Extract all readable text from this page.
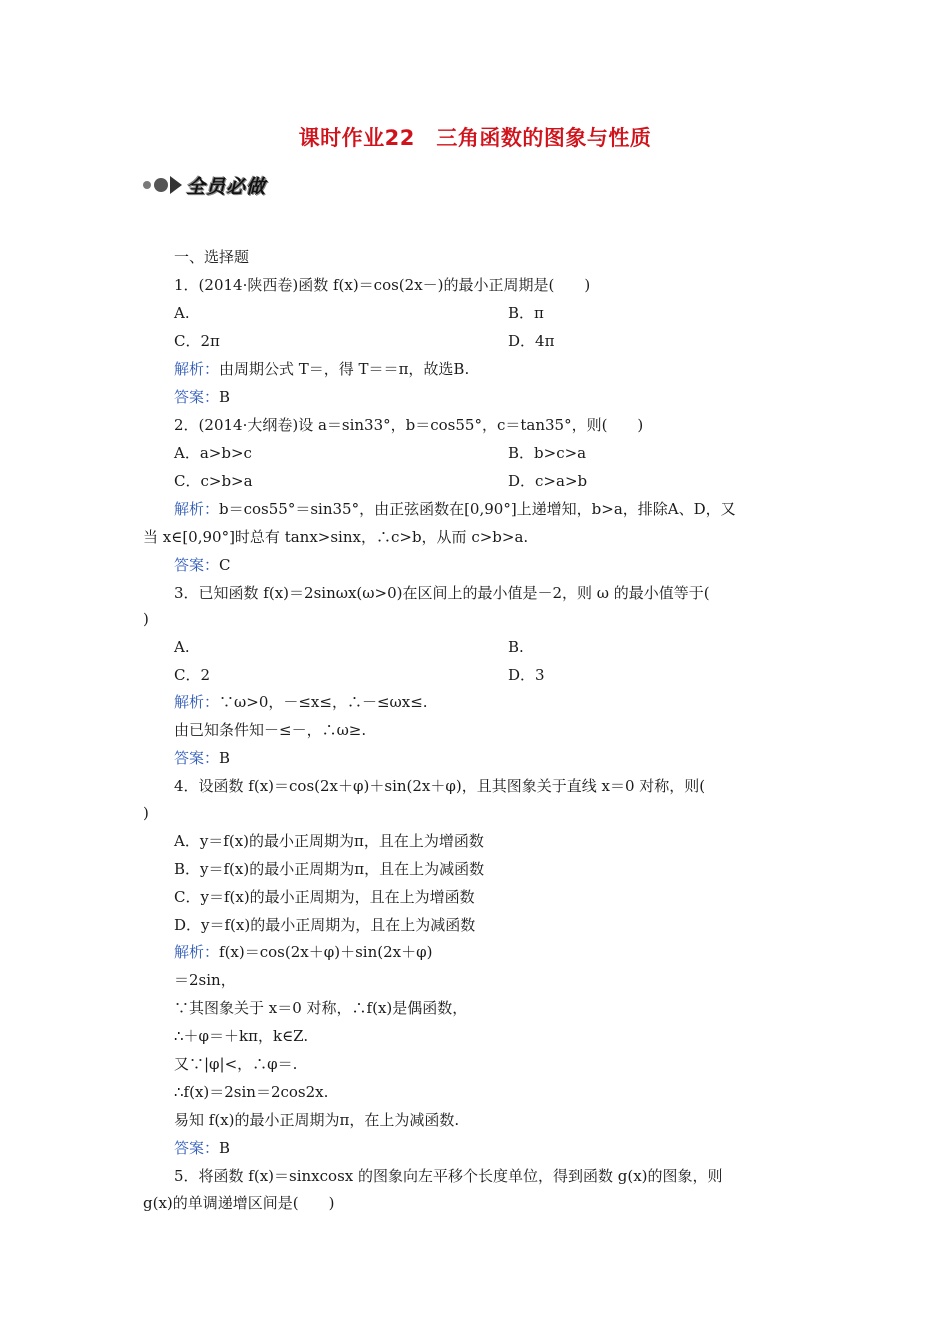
课时作业22　三角函数的图象与性质
全员必做
一、选择题
1．(2014·陕西卷)函数 f(x)＝cos(2x－)的最小正周期是(　　)
A.	B．π
C．2π	D．4π
解析：由周期公式 T＝，得 T＝＝π，故选B.
答案：B
2．(2014·大纲卷)设 a＝sin33°，b＝cos55°，c＝tan35°，则(　　)
A．a>b>c	B．b>c>a
C．c>b>a	D．c>a>b
解析：b＝cos55°＝sin35°，由正弦函数在[0,90°]上递增知，b>a，排除A、D，又
当 x∈[0,90°]时总有 tanx>sinx，∴c>b，从而 c>b>a.
答案：C
3．已知函数 f(x)＝2sinωx(ω>0)在区间上的最小值是－2，则 ω 的最小值等于(
)
A.	B.
C．2	D．3
解析：∵ω>0，－≤x≤，∴－≤ωx≤.
由已知条件知－≤－，∴ω≥.
答案：B
4．设函数 f(x)＝cos(2x＋φ)＋sin(2x＋φ)，且其图象关于直线 x＝0 对称，则(
)
A．y＝f(x)的最小正周期为π，且在上为增函数
B．y＝f(x)的最小正周期为π，且在上为减函数
C．y＝f(x)的最小正周期为，且在上为增函数
D．y＝f(x)的最小正周期为，且在上为减函数
解析：f(x)＝cos(2x＋φ)＋sin(2x＋φ)
＝2sin，
∵其图象关于 x＝0 对称，∴f(x)是偶函数，
∴＋φ＝＋kπ，k∈Z.
又∵|φ|<，∴φ＝.
∴f(x)＝2sin＝2cos2x.
易知 f(x)的最小正周期为π，在上为减函数.
答案：B
5．将函数 f(x)＝sinxcosx 的图象向左平移个长度单位，得到函数 g(x)的图象，则
g(x)的单调递增区间是(　　)
